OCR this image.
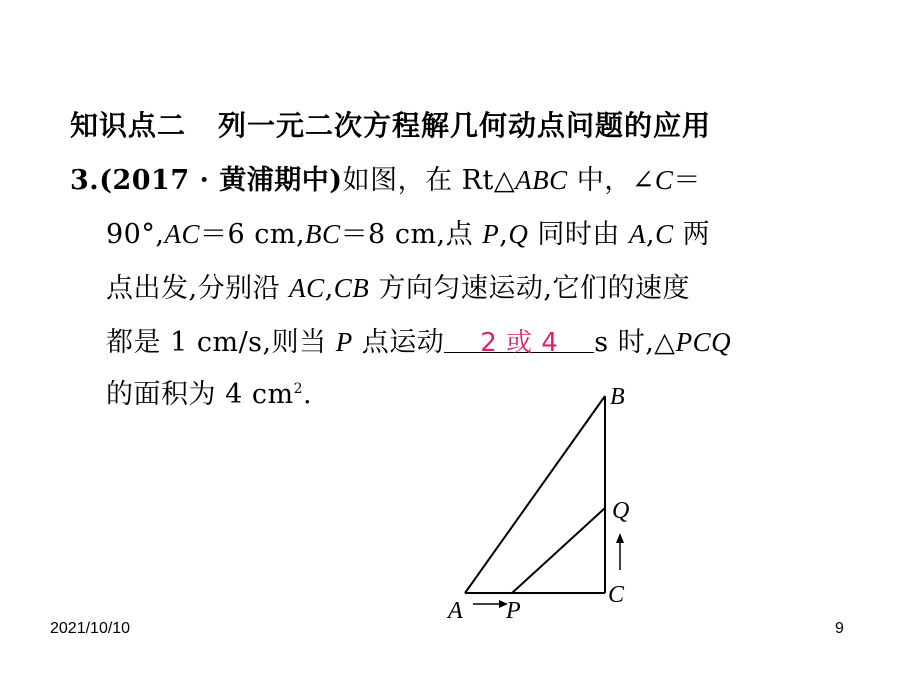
知识点二 列一元二次方程解几何动点问题的应用
3.(2017 · 黄浦期中)如图，在 Rt△ABC 中，∠C＝
90°,AC＝6 cm,BC＝8 cm,点 P,Q 同时由 A,C 两
点出发,分别沿 AC,CB 方向匀速运动,它们的速度
都是 1 cm/s,则当 P 点运动 2 或 4 s 时,△PCQ
的面积为 4 $cm^2$.	B
Q
C
A P
2021/10/10	9
